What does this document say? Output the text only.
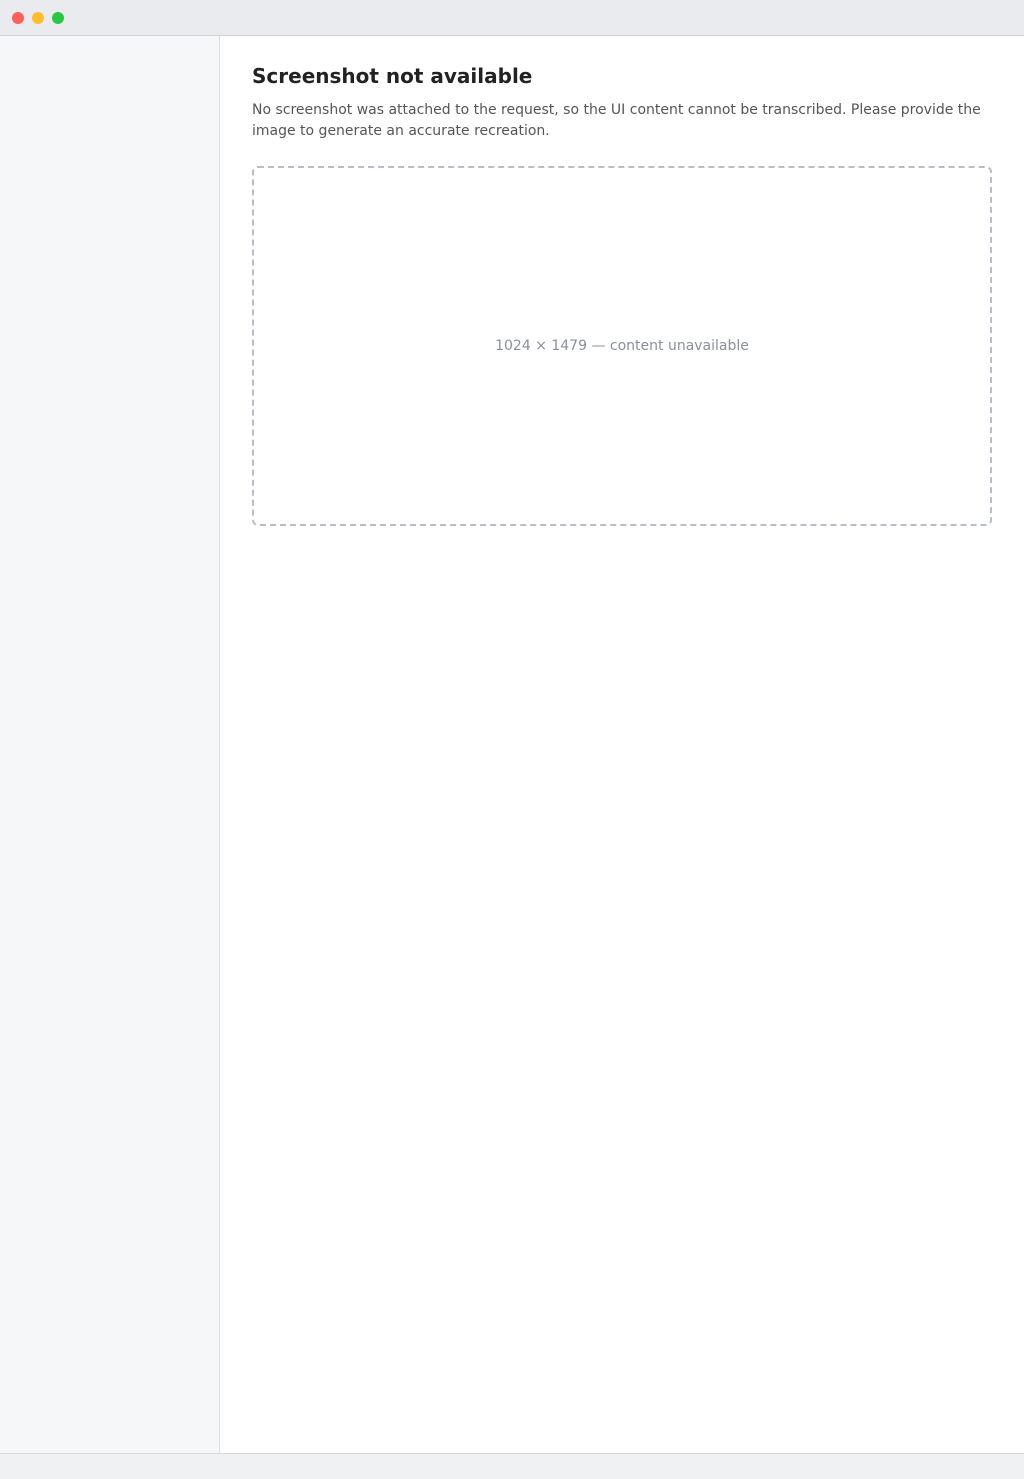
Screenshot not available

No screenshot was attached to the request, so the UI content cannot be transcribed. Please provide the image to generate an accurate recreation.

1024 × 1479 — content unavailable
